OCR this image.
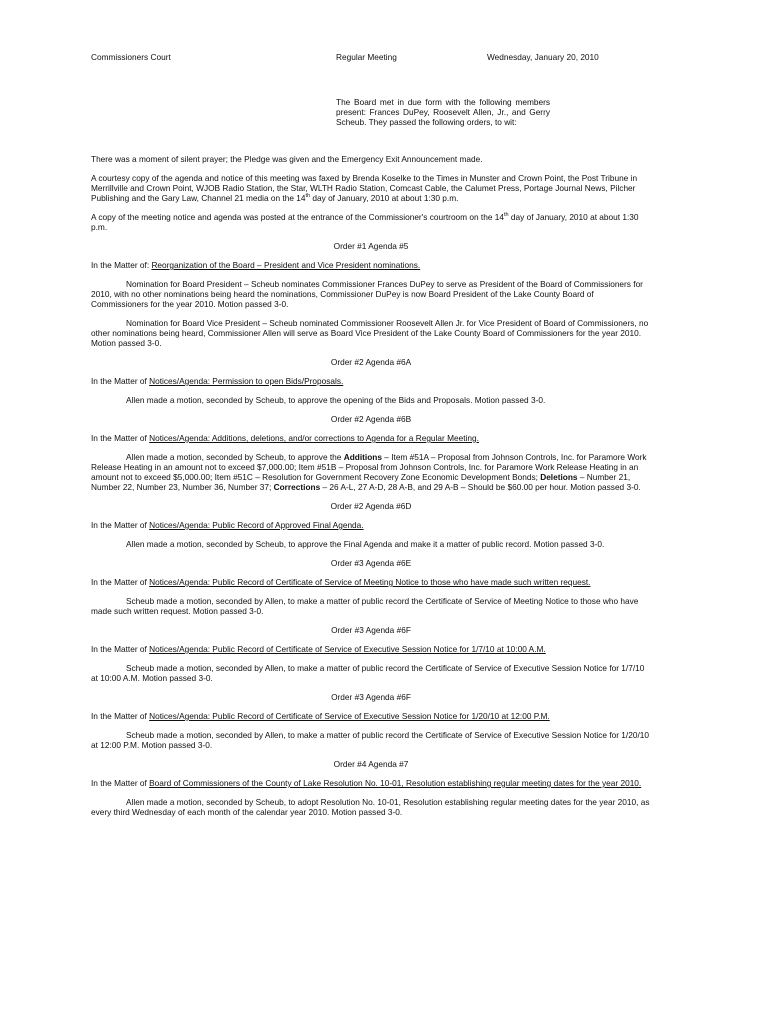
Commissioners Court	Regular Meeting	Wednesday, January 20, 2010
The Board met in due form with the following members present: Frances DuPey, Roosevelt Allen, Jr., and Gerry Scheub. They passed the following orders, to wit:

There was a moment of silent prayer; the Pledge was given and the Emergency Exit Announcement made.

A courtesy copy of the agenda and notice of this meeting was faxed by Brenda Koselke to the Times in Munster and Crown Point, the Post Tribune in Merrillville and Crown Point, WJOB Radio Station, the Star, WLTH Radio Station, Comcast Cable, the Calumet Press, Portage Journal News, Pilcher Publishing and the Gary Law, Channel 21 media on the 14th day of January, 2010 at about 1:30 p.m.

A copy of the meeting notice and agenda was posted at the entrance of the Commissioner's courtroom on the 14th day of January, 2010 at about 1:30 p.m.

Order #1 Agenda #5

In the Matter of: Reorganization of the Board – President and Vice President nominations.

Nomination for Board President – Scheub nominates Commissioner Frances DuPey to serve as President of the Board of Commissioners for 2010, with no other nominations being heard the nominations, Commissioner DuPey is now Board President of the Lake County Board of Commissioners for the year 2010. Motion passed 3-0.

Nomination for Board Vice President – Scheub nominated Commissioner Roosevelt Allen Jr. for Vice President of Board of Commissioners, no other nominations being heard, Commissioner Allen will serve as Board Vice President of the Lake County Board of Commissioners for the year 2010. Motion passed 3-0.

Order #2 Agenda #6A

In the Matter of Notices/Agenda: Permission to open Bids/Proposals.

Allen made a motion, seconded by Scheub, to approve the opening of the Bids and Proposals. Motion passed 3-0.

Order #2 Agenda #6B

In the Matter of Notices/Agenda: Additions, deletions, and/or corrections to Agenda for a Regular Meeting.

Allen made a motion, seconded by Scheub, to approve the Additions – Item #51A – Proposal from Johnson Controls, Inc. for Paramore Work Release Heating in an amount not to exceed $7,000.00; Item #51B – Proposal from Johnson Controls, Inc. for Paramore Work Release Heating in an amount not to exceed $5,000.00; Item #51C – Resolution for Government Recovery Zone Economic Development Bonds; Deletions – Number 21, Number 22, Number 23, Number 36, Number 37; Corrections – 26 A-L, 27 A-D, 28 A-B, and 29 A-B – Should be $60.00 per hour. Motion passed 3-0.

Order #2 Agenda #6D

In the Matter of Notices/Agenda: Public Record of Approved Final Agenda.

Allen made a motion, seconded by Scheub, to approve the Final Agenda and make it a matter of public record. Motion passed 3-0.

Order #3 Agenda #6E

In the Matter of Notices/Agenda: Public Record of Certificate of Service of Meeting Notice to those who have made such written request.

Scheub made a motion, seconded by Allen, to make a matter of public record the Certificate of Service of Meeting Notice to those who have made such written request. Motion passed 3-0.

Order #3 Agenda #6F

In the Matter of Notices/Agenda: Public Record of Certificate of Service of Executive Session Notice for 1/7/10 at 10:00 A.M.

Scheub made a motion, seconded by Allen, to make a matter of public record the Certificate of Service of Executive Session Notice for 1/7/10 at 10:00 A.M. Motion passed 3-0.

Order #3 Agenda #6F

In the Matter of Notices/Agenda: Public Record of Certificate of Service of Executive Session Notice for 1/20/10 at 12:00 P.M.

Scheub made a motion, seconded by Allen, to make a matter of public record the Certificate of Service of Executive Session Notice for 1/20/10 at 12:00 P.M. Motion passed 3-0.

Order #4 Agenda #7

In the Matter of Board of Commissioners of the County of Lake Resolution No. 10-01, Resolution establishing regular meeting dates for the year 2010.

Allen made a motion, seconded by Scheub, to adopt Resolution No. 10-01, Resolution establishing regular meeting dates for the year 2010, as every third Wednesday of each month of the calendar year 2010. Motion passed 3-0.
